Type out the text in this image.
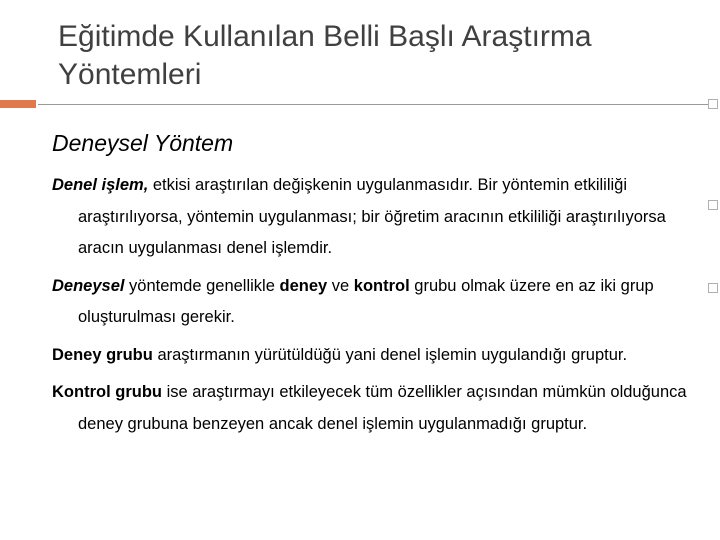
Eğitimde Kullanılan Belli Başlı Araştırma Yöntemleri
Deneysel Yöntem

Denel işlem, etkisi araştırılan değişkenin uygulanmasıdır. Bir yöntemin etkililiği araştırılıyorsa, yöntemin uygulanması; bir öğretim aracının etkililiği araştırılıyorsa aracın uygulanması denel işlemdir.

Deneysel yöntemde genellikle deney ve kontrol grubu olmak üzere en az iki grup oluşturulması gerekir.

Deney grubu araştırmanın yürütüldüğü yani denel işlemin uygulandığı gruptur.

Kontrol grubu ise araştırmayı etkileyecek tüm özellikler açısından mümkün olduğunca deney grubuna benzeyen ancak denel işlemin uygulanmadığı gruptur.
